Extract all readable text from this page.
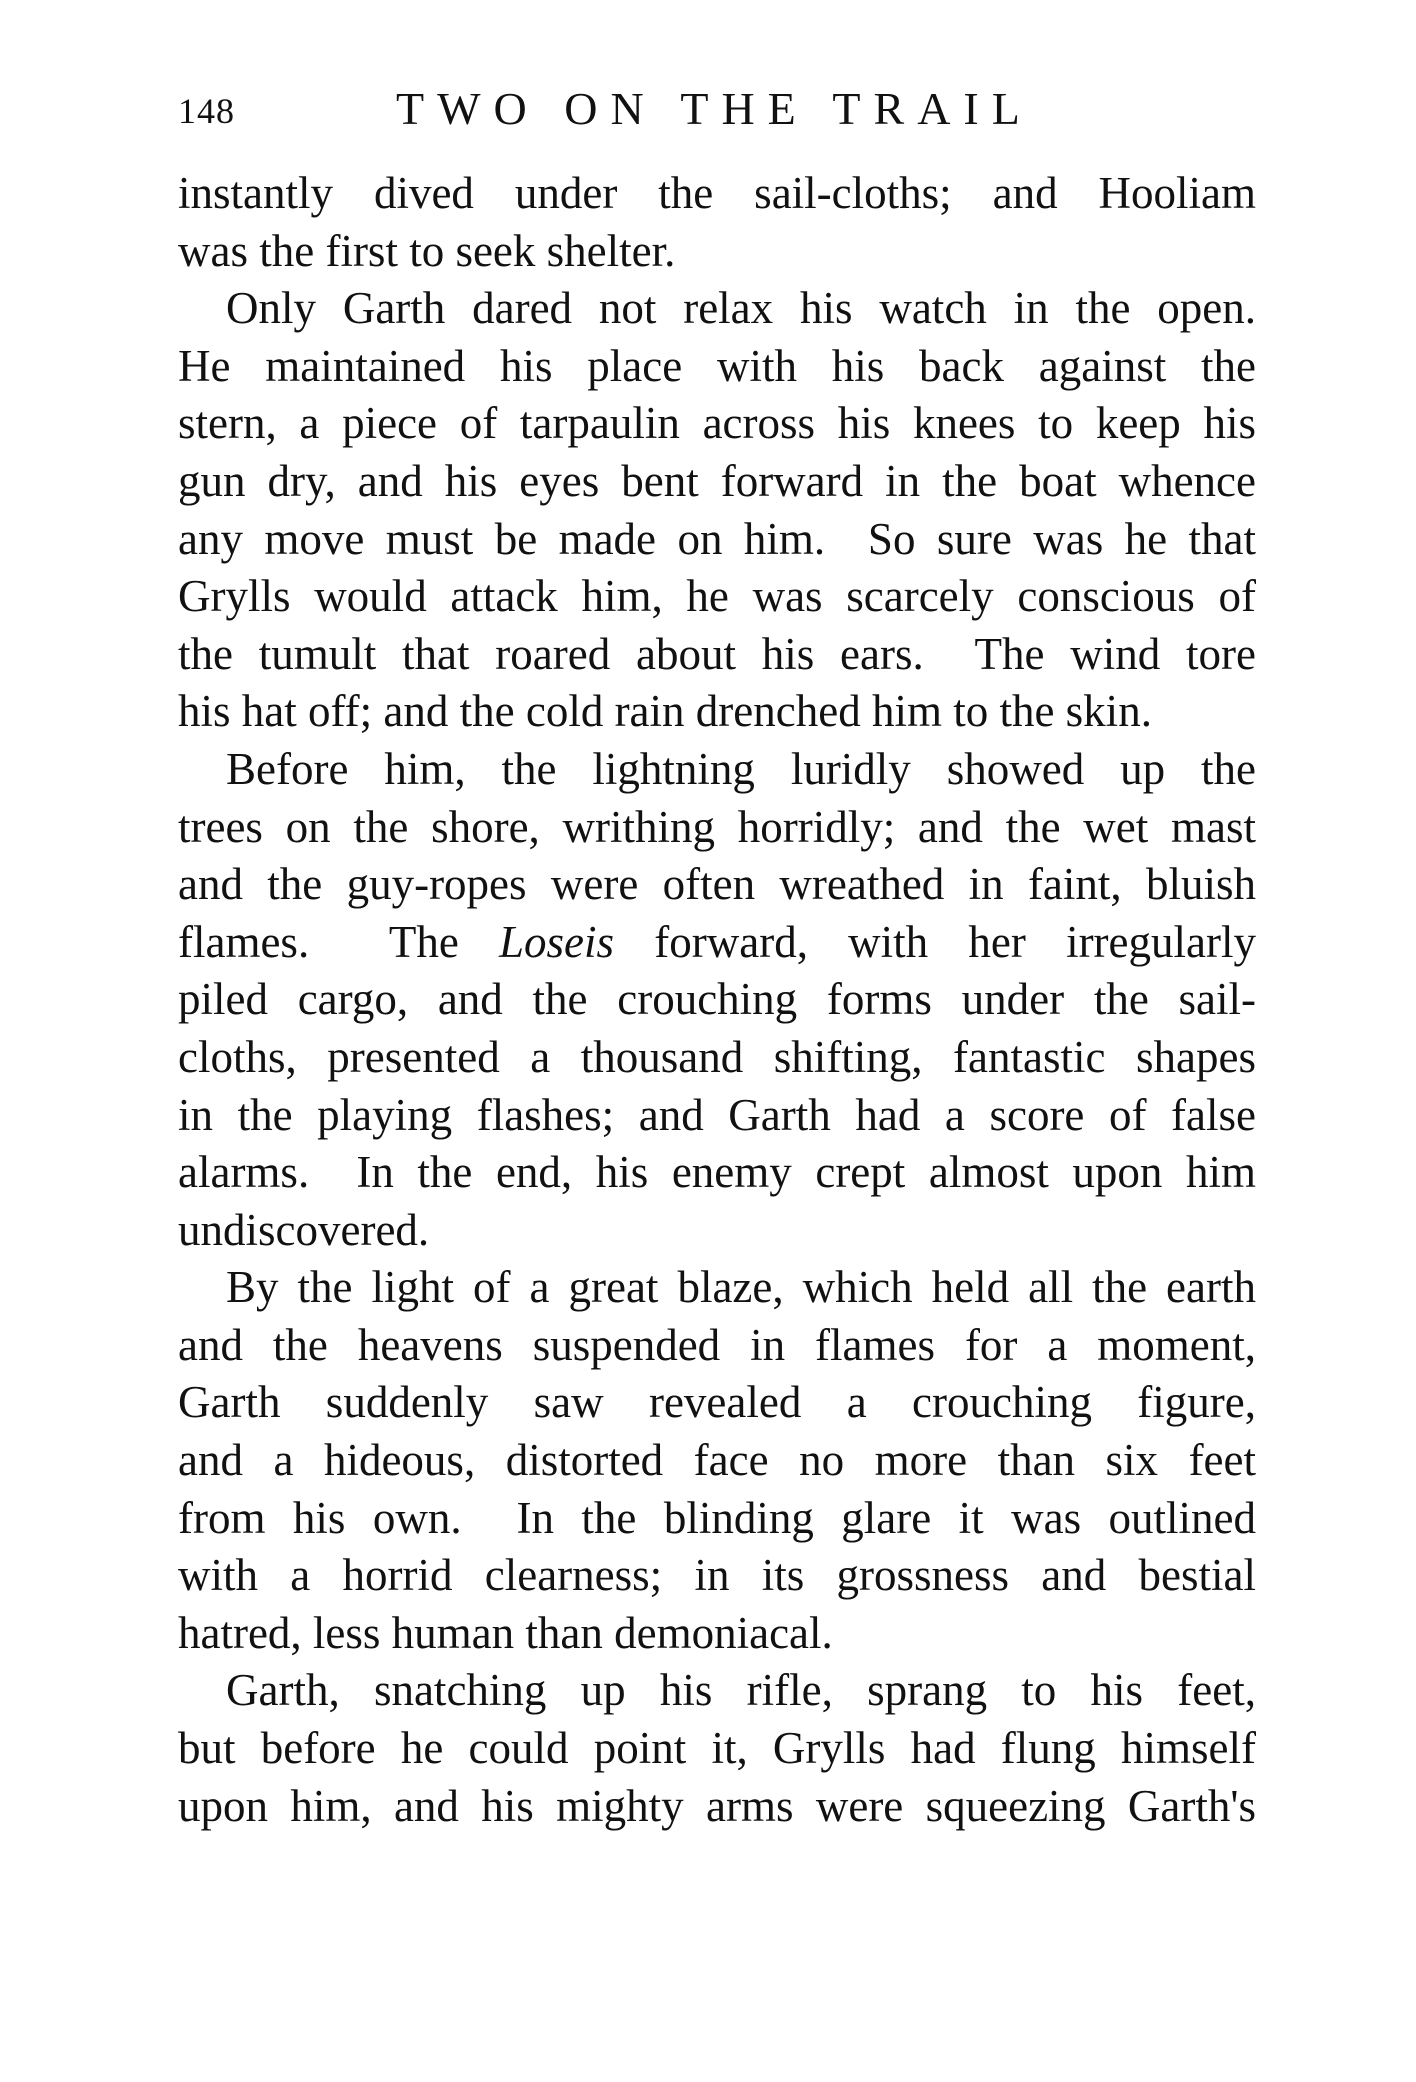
148	TWO ON THE TRAIL
instantly dived under the sail-cloths; and Hooliam
was the first to seek shelter.
Only Garth dared not relax his watch in the open.
He maintained his place with his back against the
stern, a piece of tarpaulin across his knees to keep his
gun dry, and his eyes bent forward in the boat whence
any move must be made on him.  So sure was he that
Grylls would attack him, he was scarcely conscious of
the tumult that roared about his ears.  The wind tore
his hat off; and the cold rain drenched him to the skin.
Before him, the lightning luridly showed up the
trees on the shore, writhing horridly; and the wet mast
and the guy-ropes were often wreathed in faint, bluish
flames.  The Loseis forward, with her irregularly
piled cargo, and the crouching forms under the sail-
cloths, presented a thousand shifting, fantastic shapes
in the playing flashes; and Garth had a score of false
alarms.  In the end, his enemy crept almost upon him
undiscovered.
By the light of a great blaze, which held all the earth
and the heavens suspended in flames for a moment,
Garth suddenly saw revealed a crouching figure,
and a hideous, distorted face no more than six feet
from his own.  In the blinding glare it was outlined
with a horrid clearness; in its grossness and bestial
hatred, less human than demoniacal.
Garth, snatching up his rifle, sprang to his feet,
but before he could point it, Grylls had flung himself
upon him, and his mighty arms were squeezing Garth's
